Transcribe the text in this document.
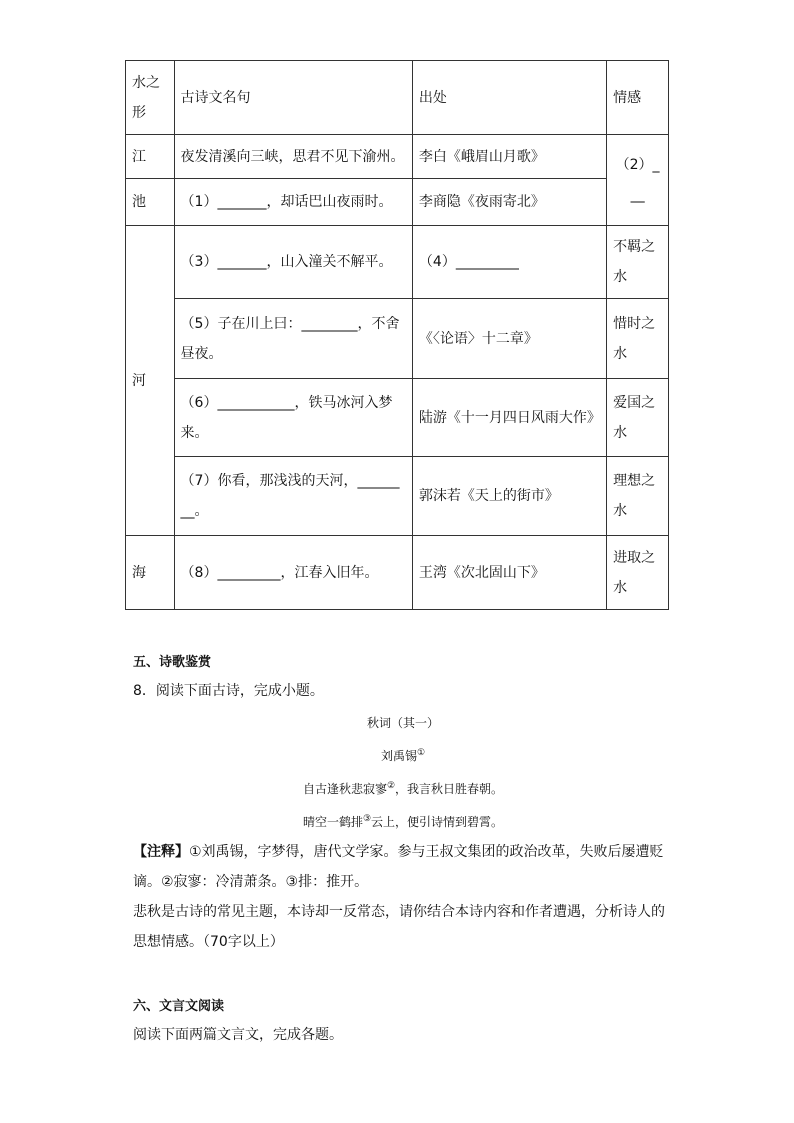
水之形	古诗文名句	出处	情感
江	夜发清溪向三峡，思君不见下渝州。	李白《峨眉山月歌》	（2）___
池	（1）_______，却话巴山夜雨时。	李商隐《夜雨寄北》	
河	（3）_______，山入潼关不解平。	（4）_________	不羁之水
	（5）子在川上曰：________，不舍昼夜。	《〈论语〉十二章》	惜时之水
	（6）___________，铁马冰河入梦来。	陆游《十一月四日风雨大作》	爱国之水
	（7）你看，那浅浅的天河，________。	郭沫若《天上的街市》	理想之水
海	（8）_________，江春入旧年。	王湾《次北固山下》	进取之水
五、诗歌鉴赏
8．阅读下面古诗，完成小题。
秋词（其一）
刘禹锡①
自古逢秋悲寂寥②，我言秋日胜春朝。
晴空一鹤排③云上，便引诗情到碧霄。
【注释】①刘禹锡，字梦得，唐代文学家。参与王叔文集团的政治改革，失败后屡遭贬谪。②寂寥：冷清萧条。③排：推开。
悲秋是古诗的常见主题，本诗却一反常态，请你结合本诗内容和作者遭遇，分析诗人的思想情感。（70字以上）
六、文言文阅读
阅读下面两篇文言文，完成各题。
